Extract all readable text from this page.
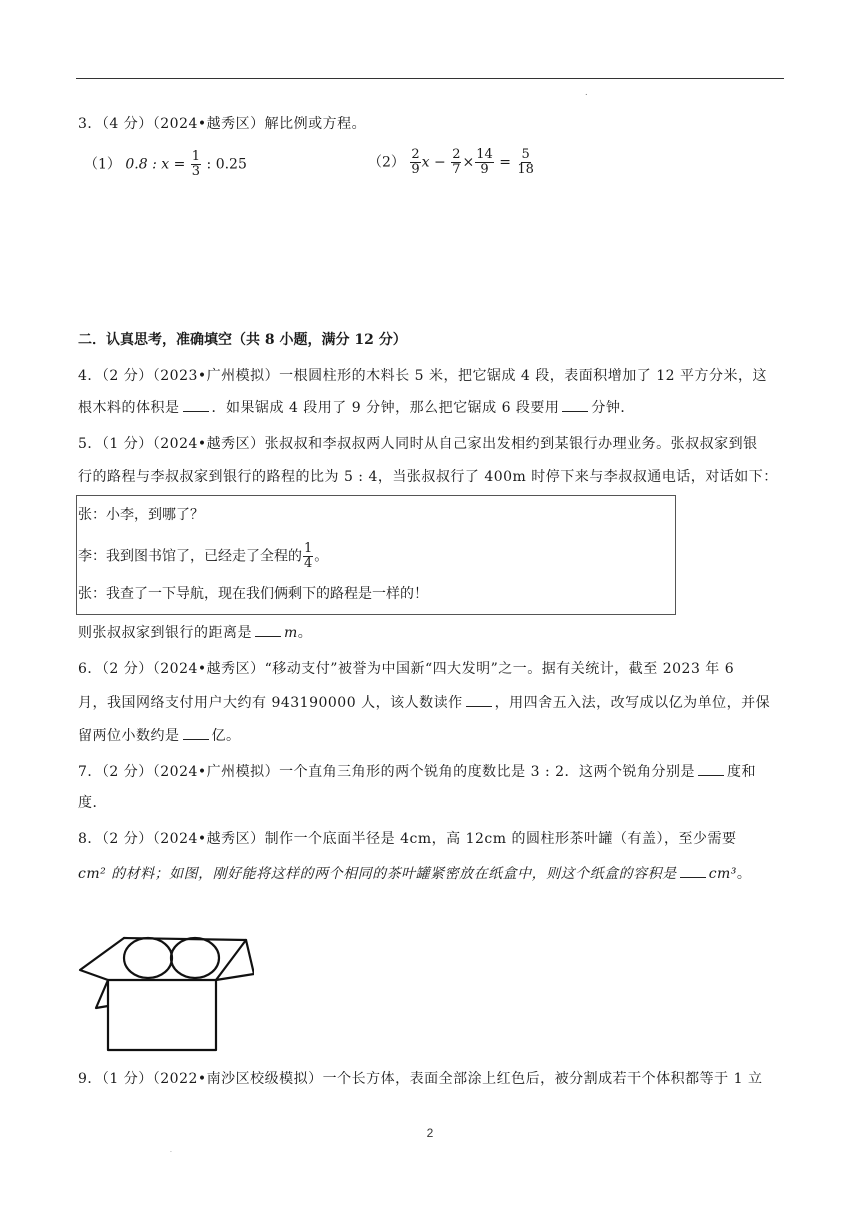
.
3．（4 分）（2024•越秀区）解比例或方程。
（1） 0.8 : $x = \frac{1}{3}$ : 0.25	$(2) \frac{2}{9}$ $x - \frac{2}{7} \times \frac{14}{9} = \frac{5}{18}$
二．认真思考，准确填空（共 8 小题，满分 12 分）
4．（2 分）（2023•广州模拟）一根圆柱形的木料长 5 米，把它锯成 4 段，表面积增加了 12 平方分米，这
根木料的体积是 ．如果锯成 4 段用了 9 分钟，那么把它锯成 6 段要用 分钟．
5．（1 分）（2024•越秀区）张叔叔和李叔叔两人同时从自己家出发相约到某银行办理业务。张叔叔家到银
行的路程与李叔叔家到银行的路程的比为 5 : 4，当张叔叔行了 400m 时停下来与李叔叔通电话，对话如下：
张：小李，到哪了？
李：我到图书馆了，已经走了全程的 $\frac{1}{4}$ 。
张：我查了一下导航，现在我们俩剩下的路程是一样的！
则张叔叔家到银行的距离是 m。
6．（2 分）（2024•越秀区）“移动支付”被誉为中国新“四大发明”之一。据有关统计，截至 2023 年 6
月，我国网络支付用户大约有 943190000 人，该人数读作 ，用四舍五入法，改写成以亿为单位，并保
留两位小数约是 亿。
7．（2 分）（2024•广州模拟）一个直角三角形的两个锐角的度数比是 3 : 2．这两个锐角分别是 度和
度．
8．（2 分）（2024•越秀区）制作一个底面半径是 4cm，高 12cm 的圆柱形茶叶罐（有盖），至少需要
cm² 的材料；如图，刚好能将这样的两个相同的茶叶罐紧密放在纸盒中，则这个纸盒的容积是 cm³。
9．（1 分）（2022•南沙区校级模拟）一个长方体，表面全部涂上红色后，被分割成若干个体积都等于 1 立
.
2
